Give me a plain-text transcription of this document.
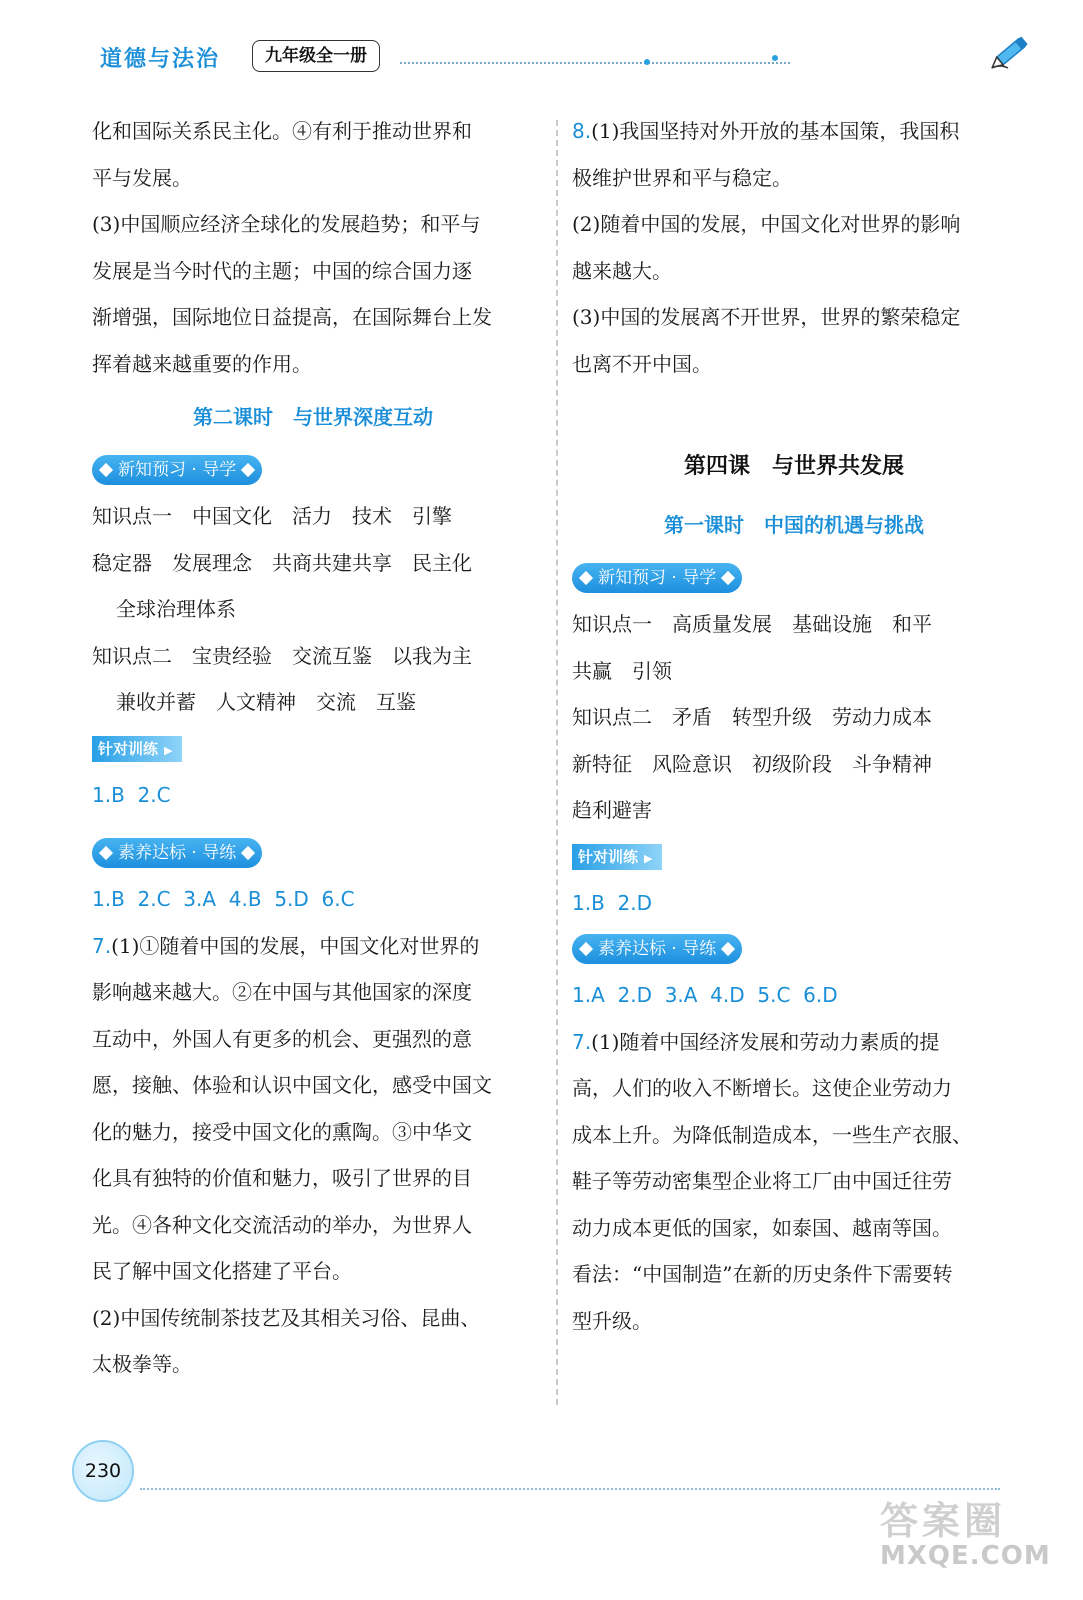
道德与法治	九年级全一册

化和国际关系民主化。④有利于推动世界和

平与发展。

(3)中国顺应经济全球化的发展趋势；和平与

发展是当今时代的主题；中国的综合国力逐

渐增强，国际地位日益提高，在国际舞台上发

挥着越来越重要的作用。

第二课时　与世界深度互动
新知预习 · 导学

知识点一　中国文化　活力　技术　引擎

稳定器　发展理念　共商共建共享　民主化

全球治理体系

知识点二　宝贵经验　交流互鉴　以我为主

兼收并蓄　人文精神　交流　互鉴

针对训练 ▶

1.B 2.C

素养达标 · 导练

1.B 2.C 3.A 4.B 5.D 6.C

7.(1)①随着中国的发展，中国文化对世界的

影响越来越大。②在中国与其他国家的深度

互动中，外国人有更多的机会、更强烈的意

愿，接触、体验和认识中国文化，感受中国文

化的魅力，接受中国文化的熏陶。③中华文

化具有独特的价值和魅力，吸引了世界的目

光。④各种文化交流活动的举办，为世界人

民了解中国文化搭建了平台。

(2)中国传统制茶技艺及其相关习俗、昆曲、

太极拳等。

8.(1)我国坚持对外开放的基本国策，我国积

极维护世界和平与稳定。

(2)随着中国的发展，中国文化对世界的影响

越来越大。

(3)中国的发展离不开世界，世界的繁荣稳定

也离不开中国。

第四课　与世界共发展
第一课时　中国的机遇与挑战
新知预习 · 导学

知识点一　高质量发展　基础设施　和平

共赢　引领

知识点二　矛盾　转型升级　劳动力成本

新特征　风险意识　初级阶段　斗争精神

趋利避害

针对训练 ▶

1.B 2.D

素养达标 · 导练

1.A 2.D 3.A 4.D 5.C 6.D

7.(1)随着中国经济发展和劳动力素质的提

高，人们的收入不断增长。这使企业劳动力

成本上升。为降低制造成本，一些生产衣服、

鞋子等劳动密集型企业将工厂由中国迁往劳

动力成本更低的国家，如泰国、越南等国。

看法：“中国制造”在新的历史条件下需要转

型升级。

230
答案圈
MXQE.COM
